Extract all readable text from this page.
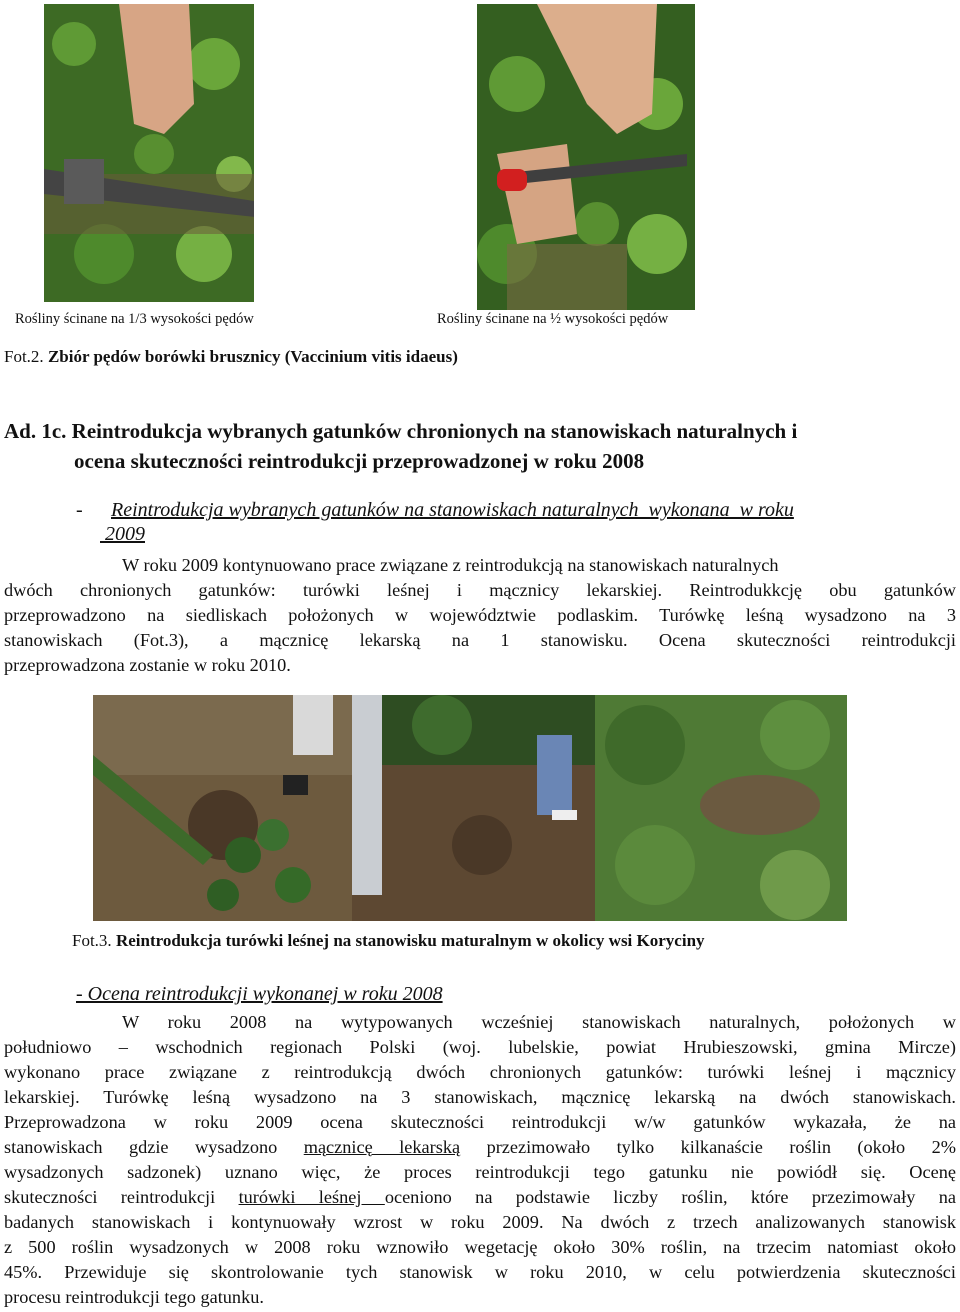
Rośliny ścinane na 1/3 wysokości pędów	Rośliny ścinane na ½ wysokości pędów
Fot.2. Zbiór pędów borówki brusznicy (Vaccinium vitis idaeus)
Ad. 1c. Reintrodukcja wybranych gatunków chronionych na stanowiskach naturalnych i
ocena skuteczności reintrodukcji przeprowadzonej w roku 2008
-	Reintrodukcja wybranych gatunków na stanowiskach naturalnych  wykonana  w roku
2009
W roku 2009 kontynuowano prace związane z reintrodukcją na stanowiskach naturalnych
dwóch chronionych gatunków: turówki leśnej i mącznicy lekarskiej. Reintrodukkcję obu gatunków
przeprowadzono na siedliskach położonych w województwie podlaskim. Turówkę leśną wysadzono na 3
stanowiskach (Fot.3), a mącznicę lekarską na 1 stanowisku. Ocena skuteczności reintrodukcji
przeprowadzona zostanie w roku 2010.
Fot.3. Reintrodukcja turówki leśnej na stanowisku maturalnym w okolicy wsi Koryciny
- Ocena reintrodukcji wykonanej w roku 2008
W roku 2008 na wytypowanych wcześniej stanowiskach naturalnych, położonych w
południowo – wschodnich regionach Polski (woj. lubelskie, powiat Hrubieszowski, gmina Mircze)
wykonano prace związane z reintrodukcją dwóch chronionych gatunków: turówki leśnej i mącznicy
lekarskiej. Turówkę leśną wysadzono na 3 stanowiskach, mącznicę lekarską na dwóch stanowiskach.
Przeprowadzona w roku 2009 ocena skuteczności reintrodukcji w/w gatunków wykazała, że na
stanowiskach gdzie wysadzono mącznicę lekarską przezimowało tylko kilkanaście roślin (około 2%
wysadzonych sadzonek) uznano więc, że proces reintrodukcji tego gatunku nie powiódł się. Ocenę
skuteczności reintrodukcji turówki leśnej oceniono na podstawie liczby roślin, które przezimowały na
badanych stanowiskach i kontynuowały wzrost w roku 2009. Na dwóch z trzech analizowanych stanowisk
z 500 roślin wysadzonych w 2008 roku wznowiło wegetację około 30% roślin, na trzecim natomiast około
45%. Przewiduje się skontrolowanie tych stanowisk w roku 2010, w celu potwierdzenia skuteczności
procesu reintrodukcji tego gatunku.
